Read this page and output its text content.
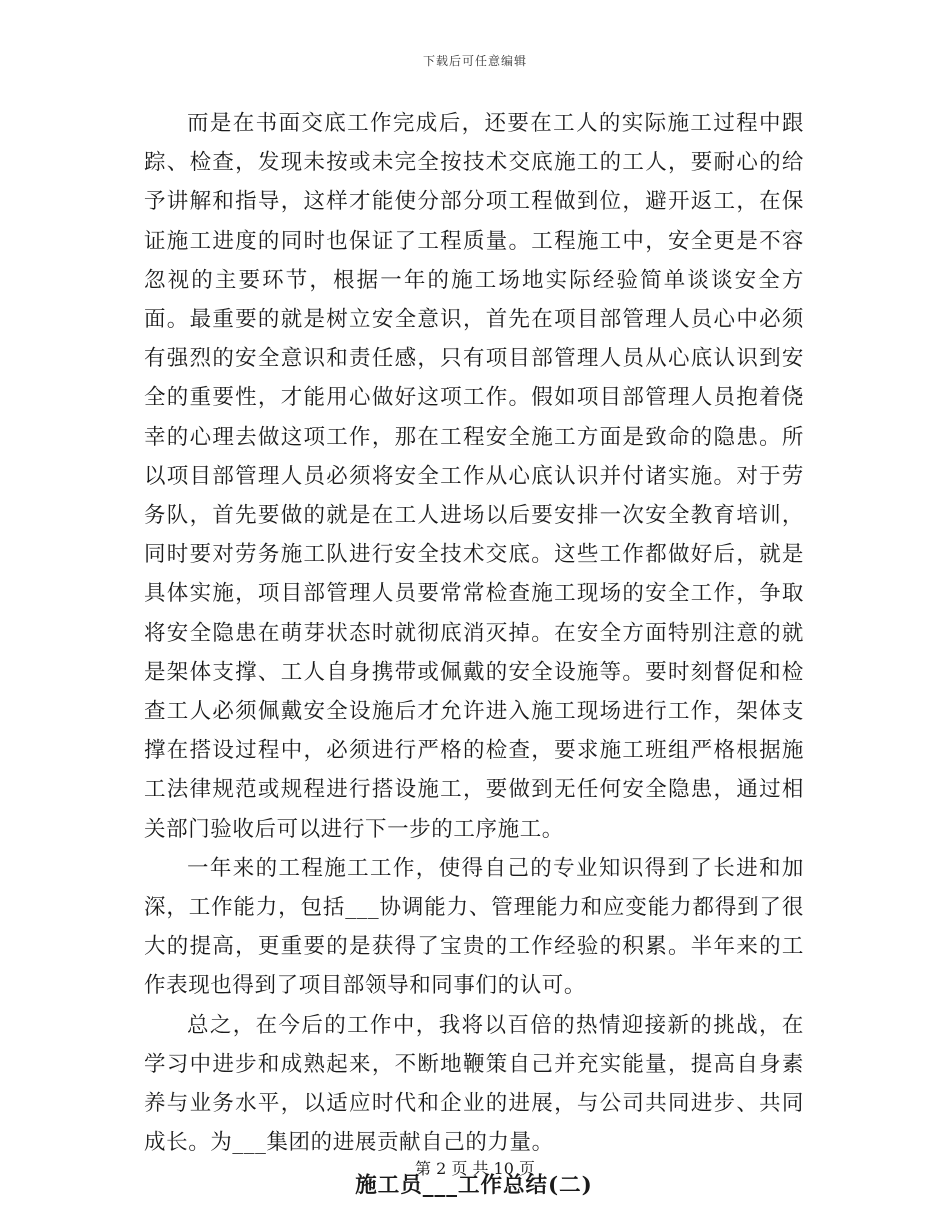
下载后可任意编辑

而是在书面交底工作完成后，还要在工人的实际施工过程中跟踪、检查，发现未按或未完全按技术交底施工的工人，要耐心的给予讲解和指导，这样才能使分部分项工程做到位，避开返工，在保证施工进度的同时也保证了工程质量。工程施工中，安全更是不容忽视的主要环节，根据一年的施工场地实际经验简单谈谈安全方面。最重要的就是树立安全意识，首先在项目部管理人员心中必须有强烈的安全意识和责任感，只有项目部管理人员从心底认识到安全的重要性，才能用心做好这项工作。假如项目部管理人员抱着侥幸的心理去做这项工作，那在工程安全施工方面是致命的隐患。所以项目部管理人员必须将安全工作从心底认识并付诸实施。对于劳务队，首先要做的就是在工人进场以后要安排一次安全教育培训，同时要对劳务施工队进行安全技术交底。这些工作都做好后，就是具体实施，项目部管理人员要常常检查施工现场的安全工作，争取将安全隐患在萌芽状态时就彻底消灭掉。在安全方面特别注意的就是架体支撑、工人自身携带或佩戴的安全设施等。要时刻督促和检查工人必须佩戴安全设施后才允许进入施工现场进行工作，架体支撑在搭设过程中，必须进行严格的检查，要求施工班组严格根据施工法律规范或规程进行搭设施工，要做到无任何安全隐患，通过相关部门验收后可以进行下一步的工序施工。

一年来的工程施工工作，使得自己的专业知识得到了长进和加深，工作能力，包括___协调能力、管理能力和应变能力都得到了很大的提高，更重要的是获得了宝贵的工作经验的积累。半年来的工作表现也得到了项目部领导和同事们的认可。

总之，在今后的工作中，我将以百倍的热情迎接新的挑战，在学习中进步和成熟起来，不断地鞭策自己并充实能量，提高自身素养与业务水平，以适应时代和企业的进展，与公司共同进步、共同成长。为___集团的进展贡献自己的力量。

施工员___工作总结(二)
第 2 页 共 10 页
